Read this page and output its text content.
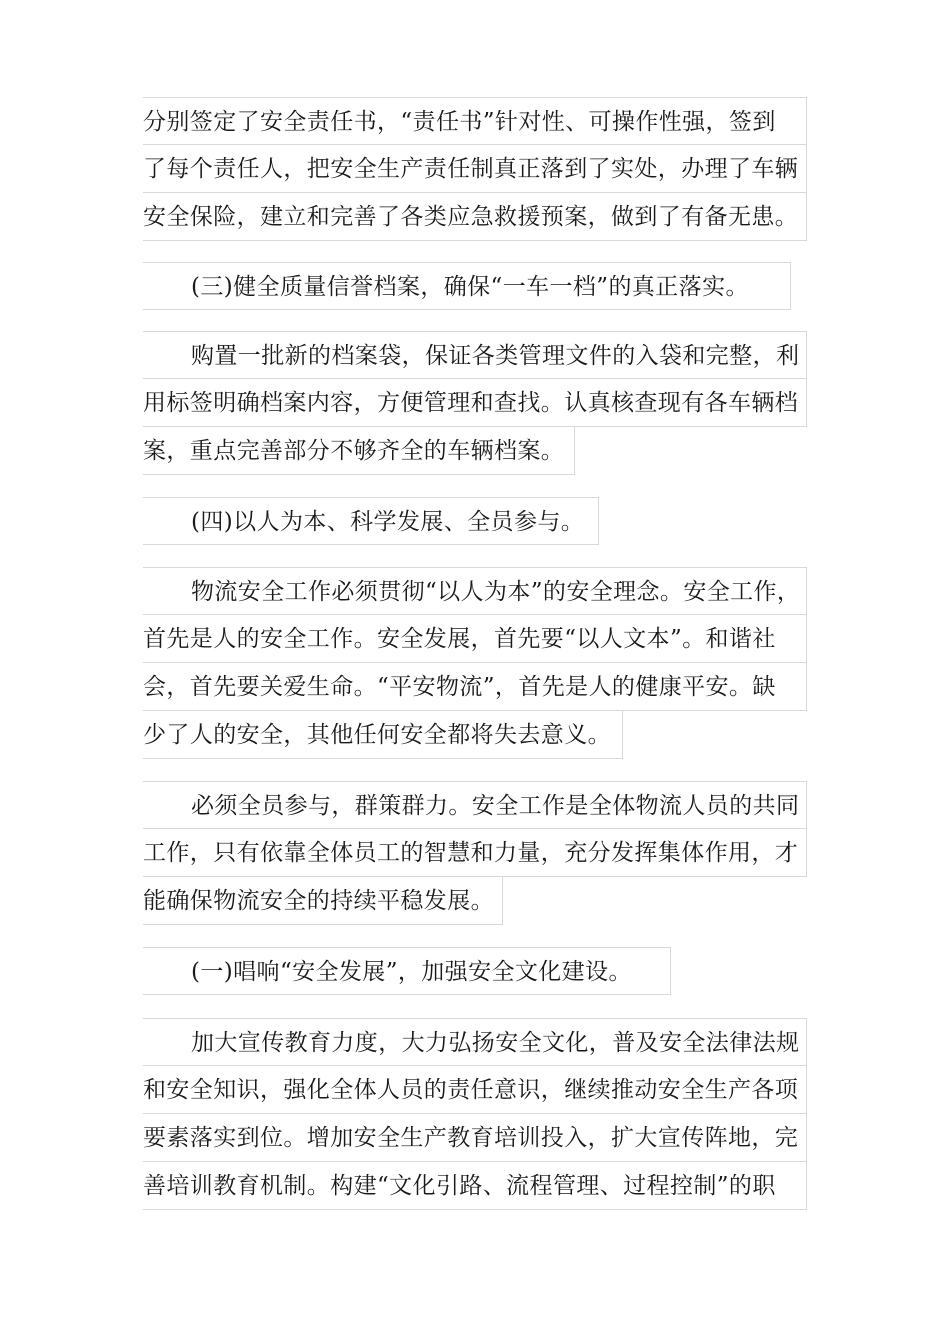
分别签定了安全责任书，“责任书”针对性、可操作性强，签到
了每个责任人，把安全生产责任制真正落到了实处，办理了车辆
安全保险，建立和完善了各类应急救援预案，做到了有备无患。
(三)健全质量信誉档案，确保“一车一档”的真正落实。
购置一批新的档案袋，保证各类管理文件的入袋和完整，利
用标签明确档案内容，方便管理和查找。认真核查现有各车辆档
案，重点完善部分不够齐全的车辆档案。
(四)以人为本、科学发展、全员参与。
物流安全工作必须贯彻“以人为本”的安全理念。安全工作，
首先是人的安全工作。安全发展，首先要“以人文本”。和谐社
会，首先要关爱生命。“平安物流”，首先是人的健康平安。缺
少了人的安全，其他任何安全都将失去意义。
必须全员参与，群策群力。安全工作是全体物流人员的共同
工作，只有依靠全体员工的智慧和力量，充分发挥集体作用，才
能确保物流安全的持续平稳发展。
(一)唱响“安全发展”，加强安全文化建设。
加大宣传教育力度，大力弘扬安全文化，普及安全法律法规
和安全知识，强化全体人员的责任意识，继续推动安全生产各项
要素落实到位。增加安全生产教育培训投入，扩大宣传阵地，完
善培训教育机制。构建“文化引路、流程管理、过程控制”的职
